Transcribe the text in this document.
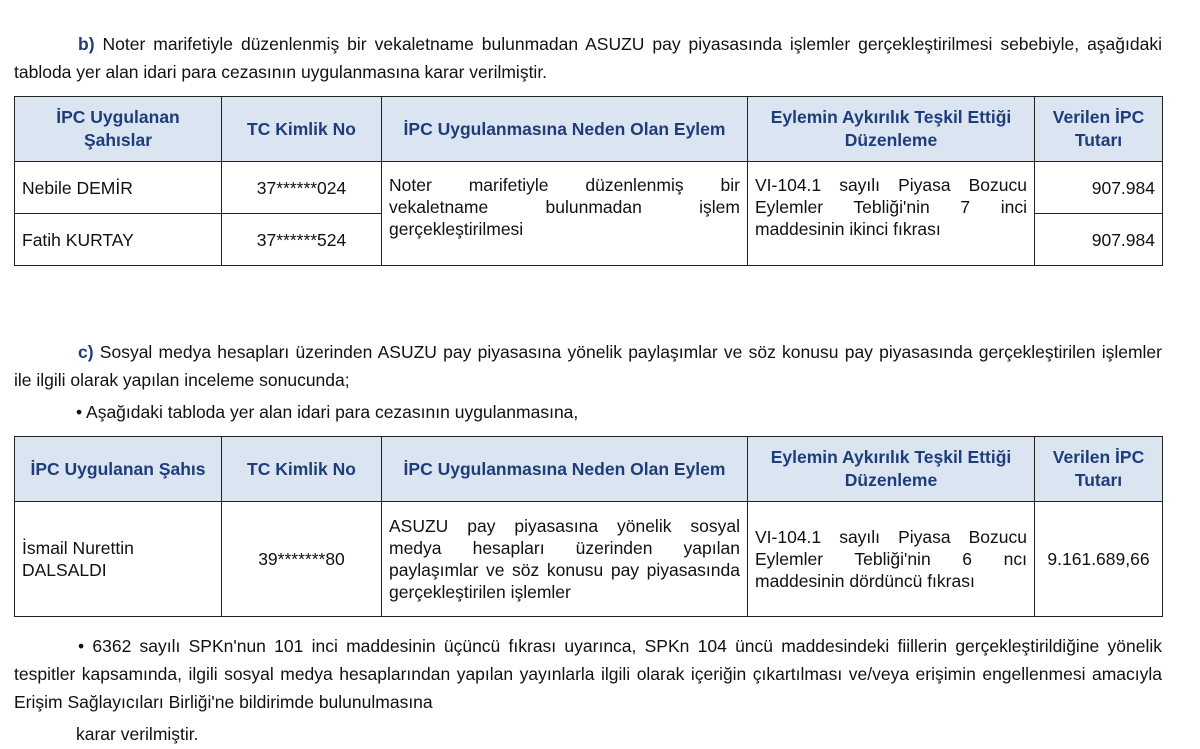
b) Noter marifetiyle düzenlenmiş bir vekaletname bulunmadan ASUZU pay piyasasında işlemler gerçekleştirilmesi sebebiyle, aşağıdaki tabloda yer alan idari para cezasının uygulanmasına karar verilmiştir.
İPC Uygulanan Şahıslar	TC Kimlik No	İPC Uygulanmasına Neden Olan Eylem	Eylemin Aykırılık Teşkil Ettiği Düzenleme	Verilen İPC Tutarı
Nebile DEMİR	37******024	Noter marifetiyle düzenlenmiş bir vekaletname bulunmadan işlem gerçekleştirilmesi	VI-104.1 sayılı Piyasa Bozucu Eylemler Tebliği'nin 7 inci maddesinin ikinci fıkrası	907.984
Fatih KURTAY	37******524			907.984
c) Sosyal medya hesapları üzerinden ASUZU pay piyasasına yönelik paylaşımlar ve söz konusu pay piyasasında gerçekleştirilen işlemler ile ilgili olarak yapılan inceleme sonucunda;
• Aşağıdaki tabloda yer alan idari para cezasının uygulanmasına,
İPC Uygulanan Şahıs	TC Kimlik No	İPC Uygulanmasına Neden Olan Eylem	Eylemin Aykırılık Teşkil Ettiği Düzenleme	Verilen İPC Tutarı
İsmail Nurettin DALSALDI	39*******80	ASUZU pay piyasasına yönelik sosyal medya hesapları üzerinden yapılan paylaşımlar ve söz konusu pay piyasasında gerçekleştirilen işlemler	VI-104.1 sayılı Piyasa Bozucu Eylemler Tebliği'nin 6 ncı maddesinin dördüncü fıkrası	9.161.689,66
• 6362 sayılı SPKn'nun 101 inci maddesinin üçüncü fıkrası uyarınca, SPKn 104 üncü maddesindeki fiillerin gerçekleştirildiğine yönelik tespitler kapsamında, ilgili sosyal medya hesaplarından yapılan yayınlarla ilgili olarak içeriğin çıkartılması ve/veya erişimin engellenmesi amacıyla Erişim Sağlayıcıları Birliği'ne bildirimde bulunulmasına
karar verilmiştir.
